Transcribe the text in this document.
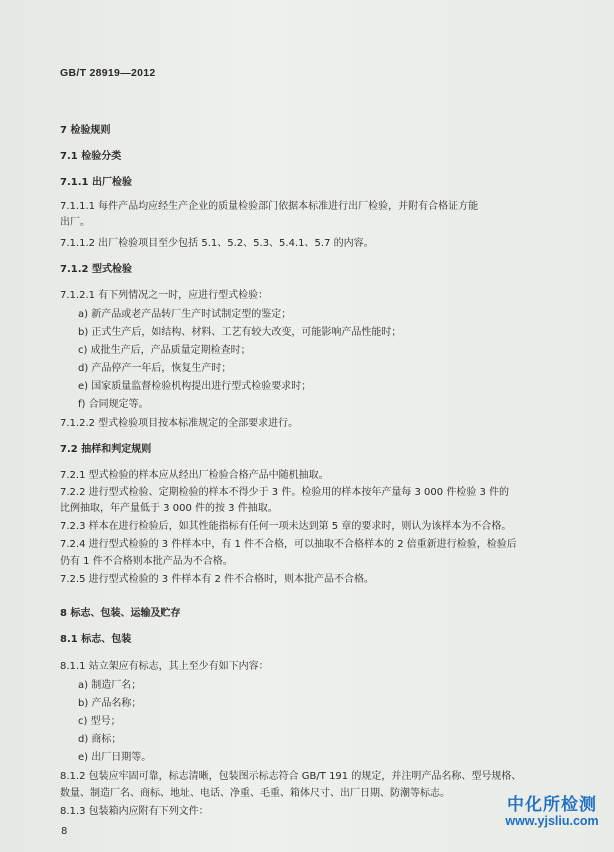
GB/T 28919—2012
7 检验规则
7.1 检验分类
7.1.1 出厂检验
7.1.1.1 每件产品均应经生产企业的质量检验部门依据本标准进行出厂检验，并附有合格证方能
出厂。
7.1.1.2 出厂检验项目至少包括 5.1、5.2、5.3、5.4.1、5.7 的内容。
7.1.2 型式检验
7.1.2.1 有下列情况之一时，应进行型式检验：
a) 新产品或老产品转厂生产时试制定型的鉴定；
b) 正式生产后，如结构、材料、工艺有较大改变，可能影响产品性能时；
c) 成批生产后，产品质量定期检查时；
d) 产品停产一年后，恢复生产时；
e) 国家质量监督检验机构提出进行型式检验要求时；
f) 合同规定等。
7.1.2.2 型式检验项目按本标准规定的全部要求进行。
7.2 抽样和判定规则
7.2.1 型式检验的样本应从经出厂检验合格产品中随机抽取。
7.2.2 进行型式检验、定期检验的样本不得少于 3 件。检验用的样本按年产量每 3 000 件检验 3 件的
比例抽取，年产量低于 3 000 件的按 3 件抽取。
7.2.3 样本在进行检验后，如其性能指标有任何一项未达到第 5 章的要求时，则认为该样本为不合格。
7.2.4 进行型式检验的 3 件样本中，有 1 件不合格，可以抽取不合格样本的 2 倍重新进行检验，检验后
仍有 1 件不合格则本批产品为不合格。
7.2.5 进行型式检验的 3 件样本有 2 件不合格时，则本批产品不合格。
8 标志、包装、运输及贮存
8.1 标志、包装
8.1.1 站立架应有标志，其上至少有如下内容：
a) 制造厂名；
b) 产品名称；
c) 型号；
d) 商标；
e) 出厂日期等。
8.1.2 包装应牢固可靠，标志清晰，包装图示标志符合 GB/T 191 的规定，并注明产品名称、型号规格、
数量、制造厂名、商标、地址、电话、净重、毛重、箱体尺寸、出厂日期、防潮等标志。
8.1.3 包装箱内应附有下列文件：
8
中化所检测
www.yjsliu.com
